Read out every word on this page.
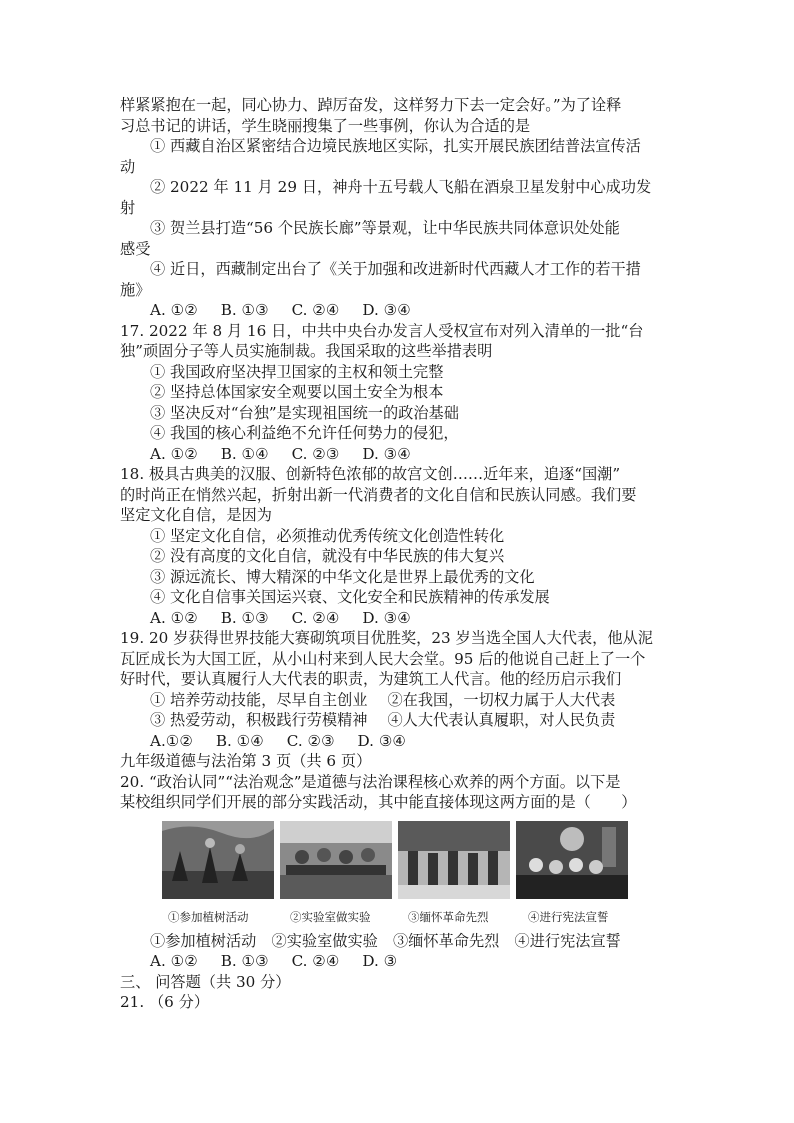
样紧紧抱在一起，同心协力、踔厉奋发，这样努力下去一定会好。”为了诠释
习总书记的讲话，学生晓丽搜集了一些事例，你认为合适的是
① 西藏自治区紧密结合边境民族地区实际，扎实开展民族团结普法宣传活
动
② 2022 年 11 月 29 日，神舟十五号载人飞船在酒泉卫星发射中心成功发
射
③ 贺兰县打造“56 个民族长廊”等景观，让中华民族共同体意识处处能
感受
④ 近日，西藏制定出台了《关于加强和改进新时代西藏人才工作的若干措
施》
A. ①② B. ①③ C. ②④ D. ③④
17. 2022 年 8 月 16 日，中共中央台办发言人受权宣布对列入清单的一批“台
独”顽固分子等人员实施制裁。我国采取的这些举措表明
① 我国政府坚决捍卫国家的主权和领土完整
② 坚持总体国家安全观要以国土安全为根本
③ 坚决反对“台独”是实现祖国统一的政治基础
④ 我国的核心利益绝不允许任何势力的侵犯，
A. ①② B. ①④ C. ②③ D. ③④
18. 极具古典美的汉服、创新特色浓郁的故宫文创……近年来，追逐“国潮”
的时尚正在悄然兴起，折射出新一代消费者的文化自信和民族认同感。我们要
坚定文化自信，是因为
① 坚定文化自信，必须推动优秀传统文化创造性转化
② 没有高度的文化自信，就没有中华民族的伟大复兴
③ 源远流长、博大精深的中华文化是世界上最优秀的文化
④ 文化自信事关国运兴衰、文化安全和民族精神的传承发展
A. ①② B. ①③ C. ②④ D. ③④
19. 20 岁获得世界技能大赛砌筑项目优胜奖，23 岁当选全国人大代表，他从泥
瓦匠成长为大国工匠，从小山村来到人民大会堂。95 后的他说自己赶上了一个
好时代，要认真履行人大代表的职责，为建筑工人代言。他的经历启示我们
① 培养劳动技能，尽早自主创业　 ②在我国，一切权力属于人大代表
③ 热爱劳动，积极践行劳模精神　 ④人大代表认真履职，对人民负责
A.①② B. ①④ C. ②③ D. ③④
九年级道德与法治第 3 页（共 6 页）
20. “政治认同”“法治观念”是道德与法治课程核心欢养的两个方面。以下是
某校组织同学们开展的部分实践活动，其中能直接体现这两方面的是（　　）
①参加植树活动	②实验室做实验	③缅怀革命先烈	④进行宪法宣誓
①参加植树活动　②实验室做实验　③缅怀革命先烈　④进行宪法宣誓
A. ①② B. ①③ C. ②④ D. ③
三、 问答题（共 30 分）
21. （6 分）
